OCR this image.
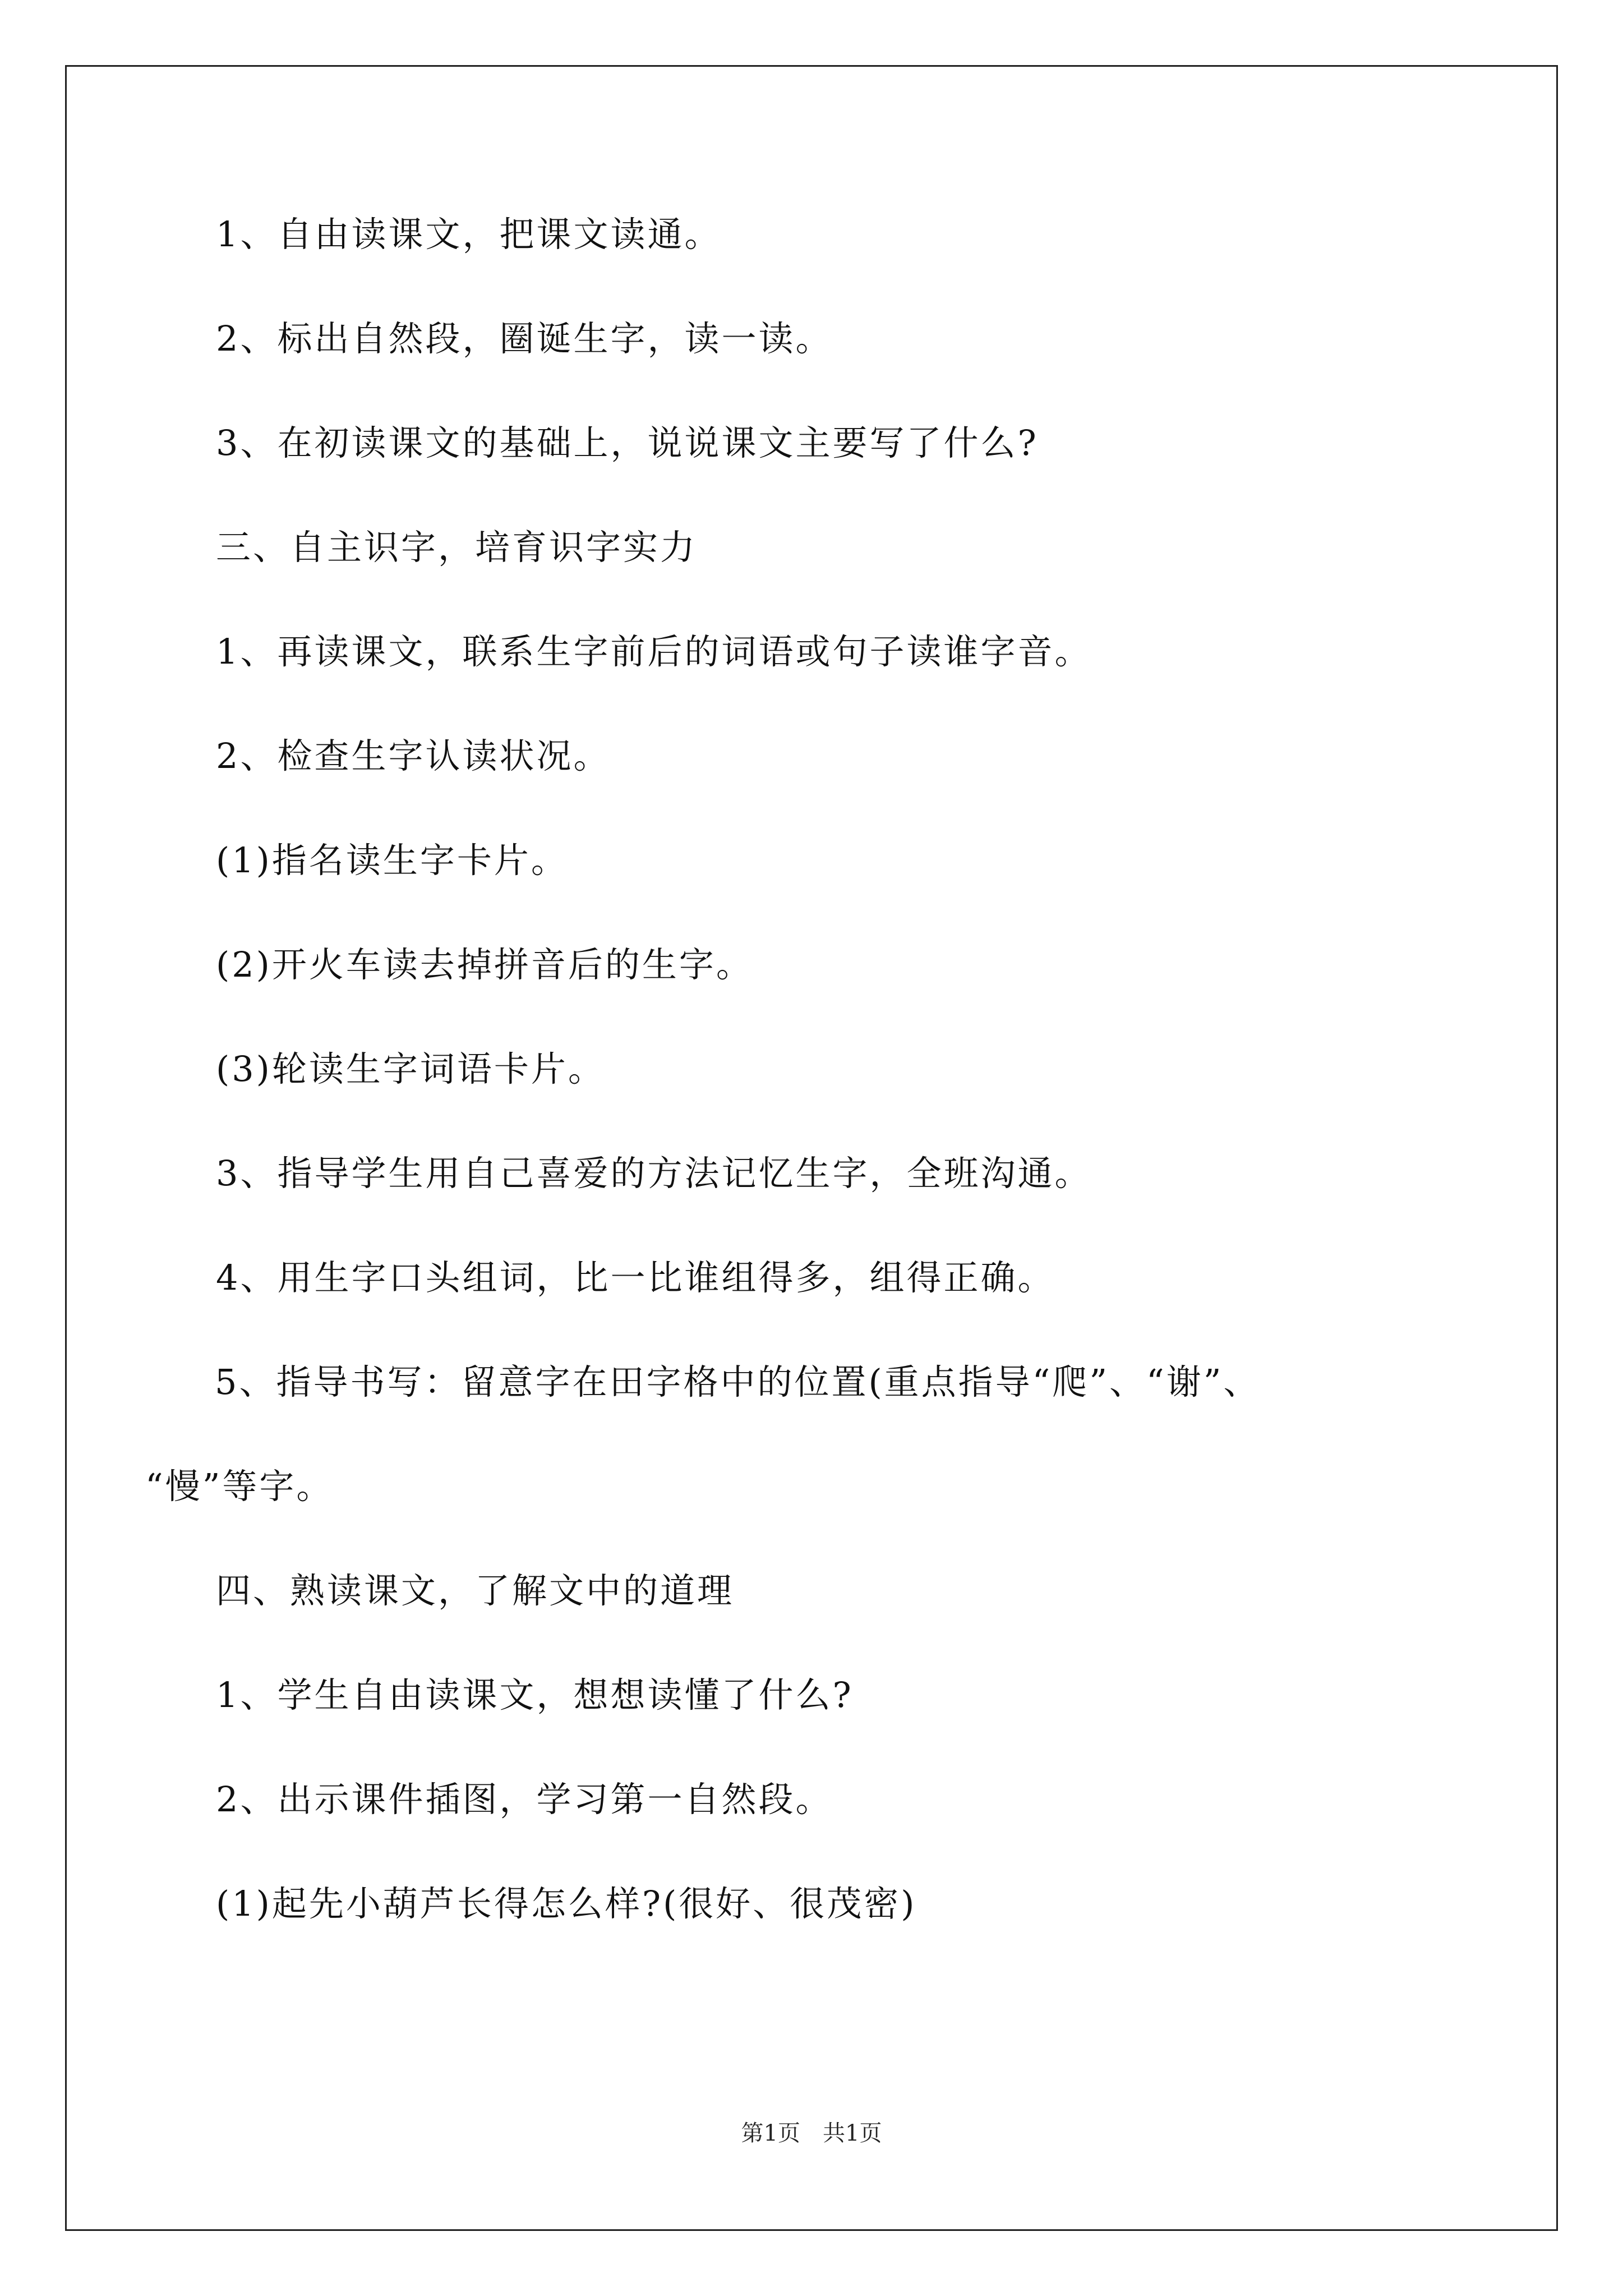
1、自由读课文，把课文读通。

2、标出自然段，圈诞生字，读一读。

3、在初读课文的基础上，说说课文主要写了什么?

三、自主识字，培育识字实力

1、再读课文，联系生字前后的词语或句子读谁字音。

2、检查生字认读状况。

(1)指名读生字卡片。

(2)开火车读去掉拼音后的生字。

(3)轮读生字词语卡片。

3、指导学生用自己喜爱的方法记忆生字，全班沟通。

4、用生字口头组词，比一比谁组得多，组得正确。

5、指导书写：留意字在田字格中的位置(重点指导“爬”、“谢”、
“慢”等字。

四、熟读课文，了解文中的道理

1、学生自由读课文，想想读懂了什么?

2、出示课件插图，学习第一自然段。

(1)起先小葫芦长得怎么样?(很好、很茂密)

第1页　共1页
